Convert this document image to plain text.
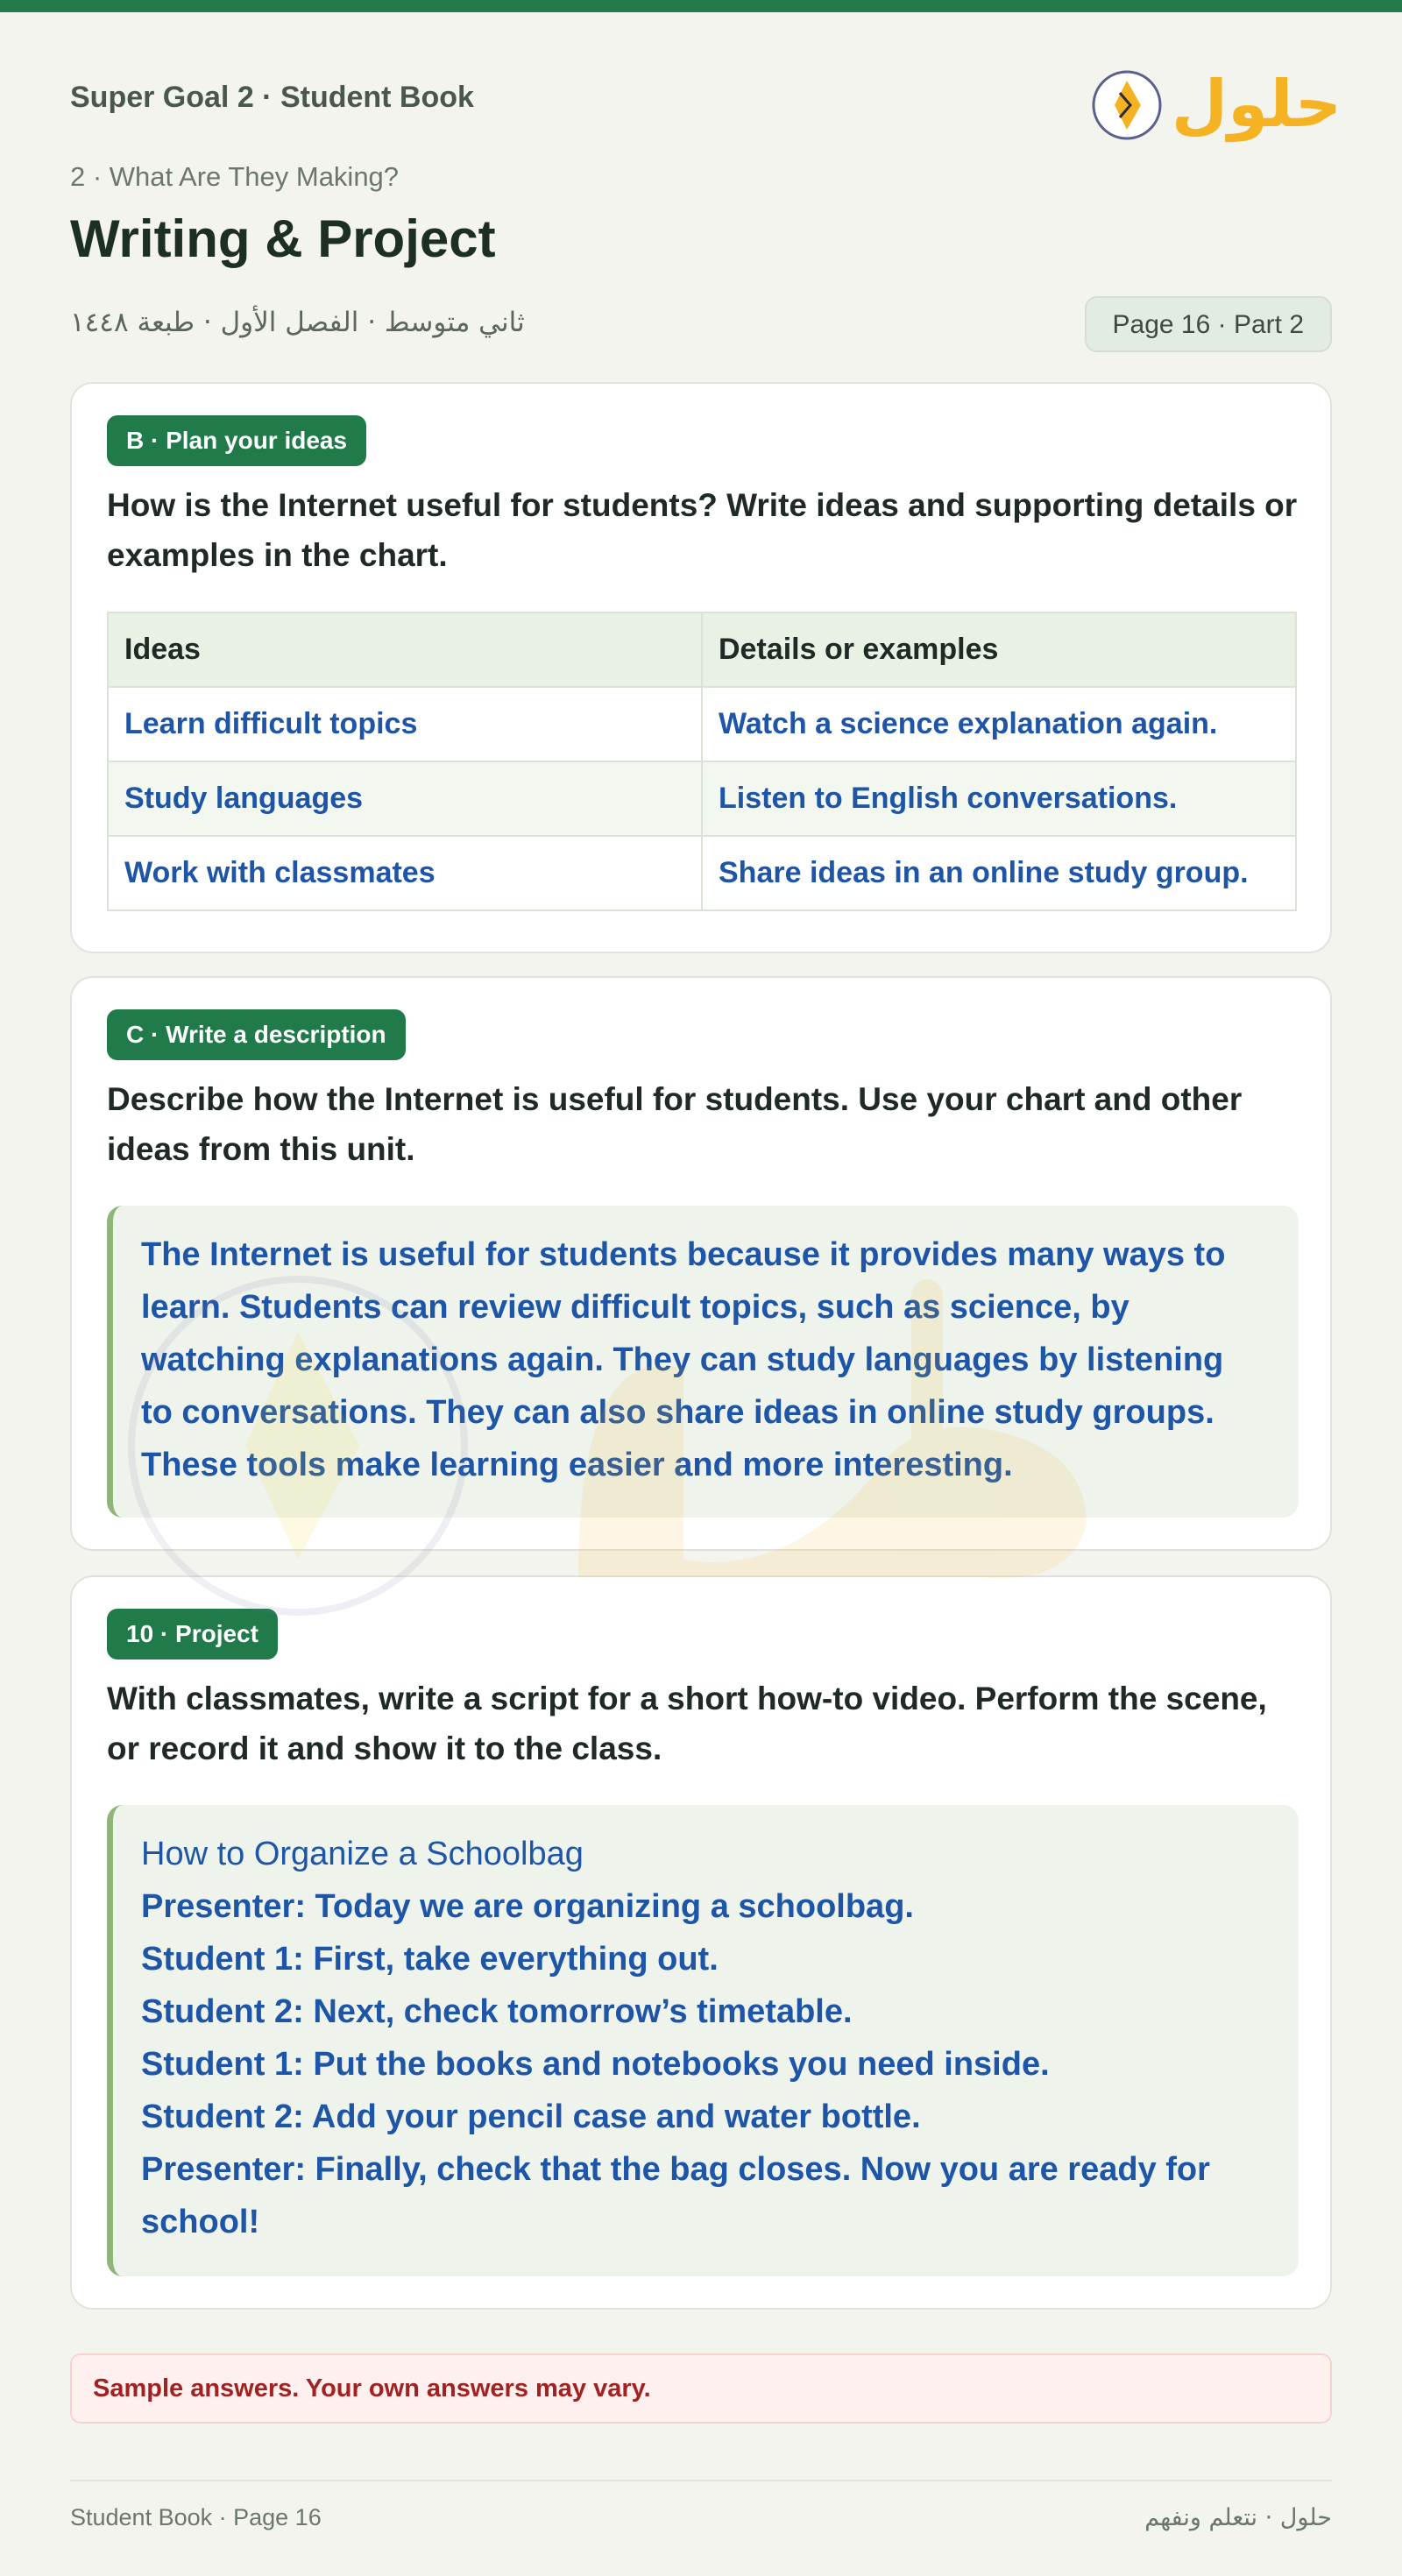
Super Goal 2 · Student Book	حلول
2 · What Are They Making?
Writing & Project
ثاني متوسط · الفصل الأول · طبعة ١٤٤٨	Page 16 · Part 2
B · Plan your ideas
How is the Internet useful for students? Write ideas and supporting details or examples in the chart.
Ideas	Details or examples
Learn difficult topics	Watch a science explanation again.
Study languages	Listen to English conversations.
Work with classmates	Share ideas in an online study group.
C · Write a description
Describe how the Internet is useful for students. Use your chart and other ideas from this unit.
The Internet is useful for students because it provides many ways to learn. Students can review difficult topics, such as science, by watching explanations again. They can study languages by listening to conversations. They can also share ideas in online study groups. These tools make learning easier and more interesting.
10 · Project
With classmates, write a script for a short how-to video. Perform the scene, or record it and show it to the class.
How to Organize a Schoolbag
Presenter: Today we are organizing a schoolbag.
Student 1: First, take everything out.
Student 2: Next, check tomorrow’s timetable.
Student 1: Put the books and notebooks you need inside.
Student 2: Add your pencil case and water bottle.
Presenter: Finally, check that the bag closes. Now you are ready for school!
Sample answers. Your own answers may vary.
Student Book · Page 16	حلول · نتعلم ونفهم
